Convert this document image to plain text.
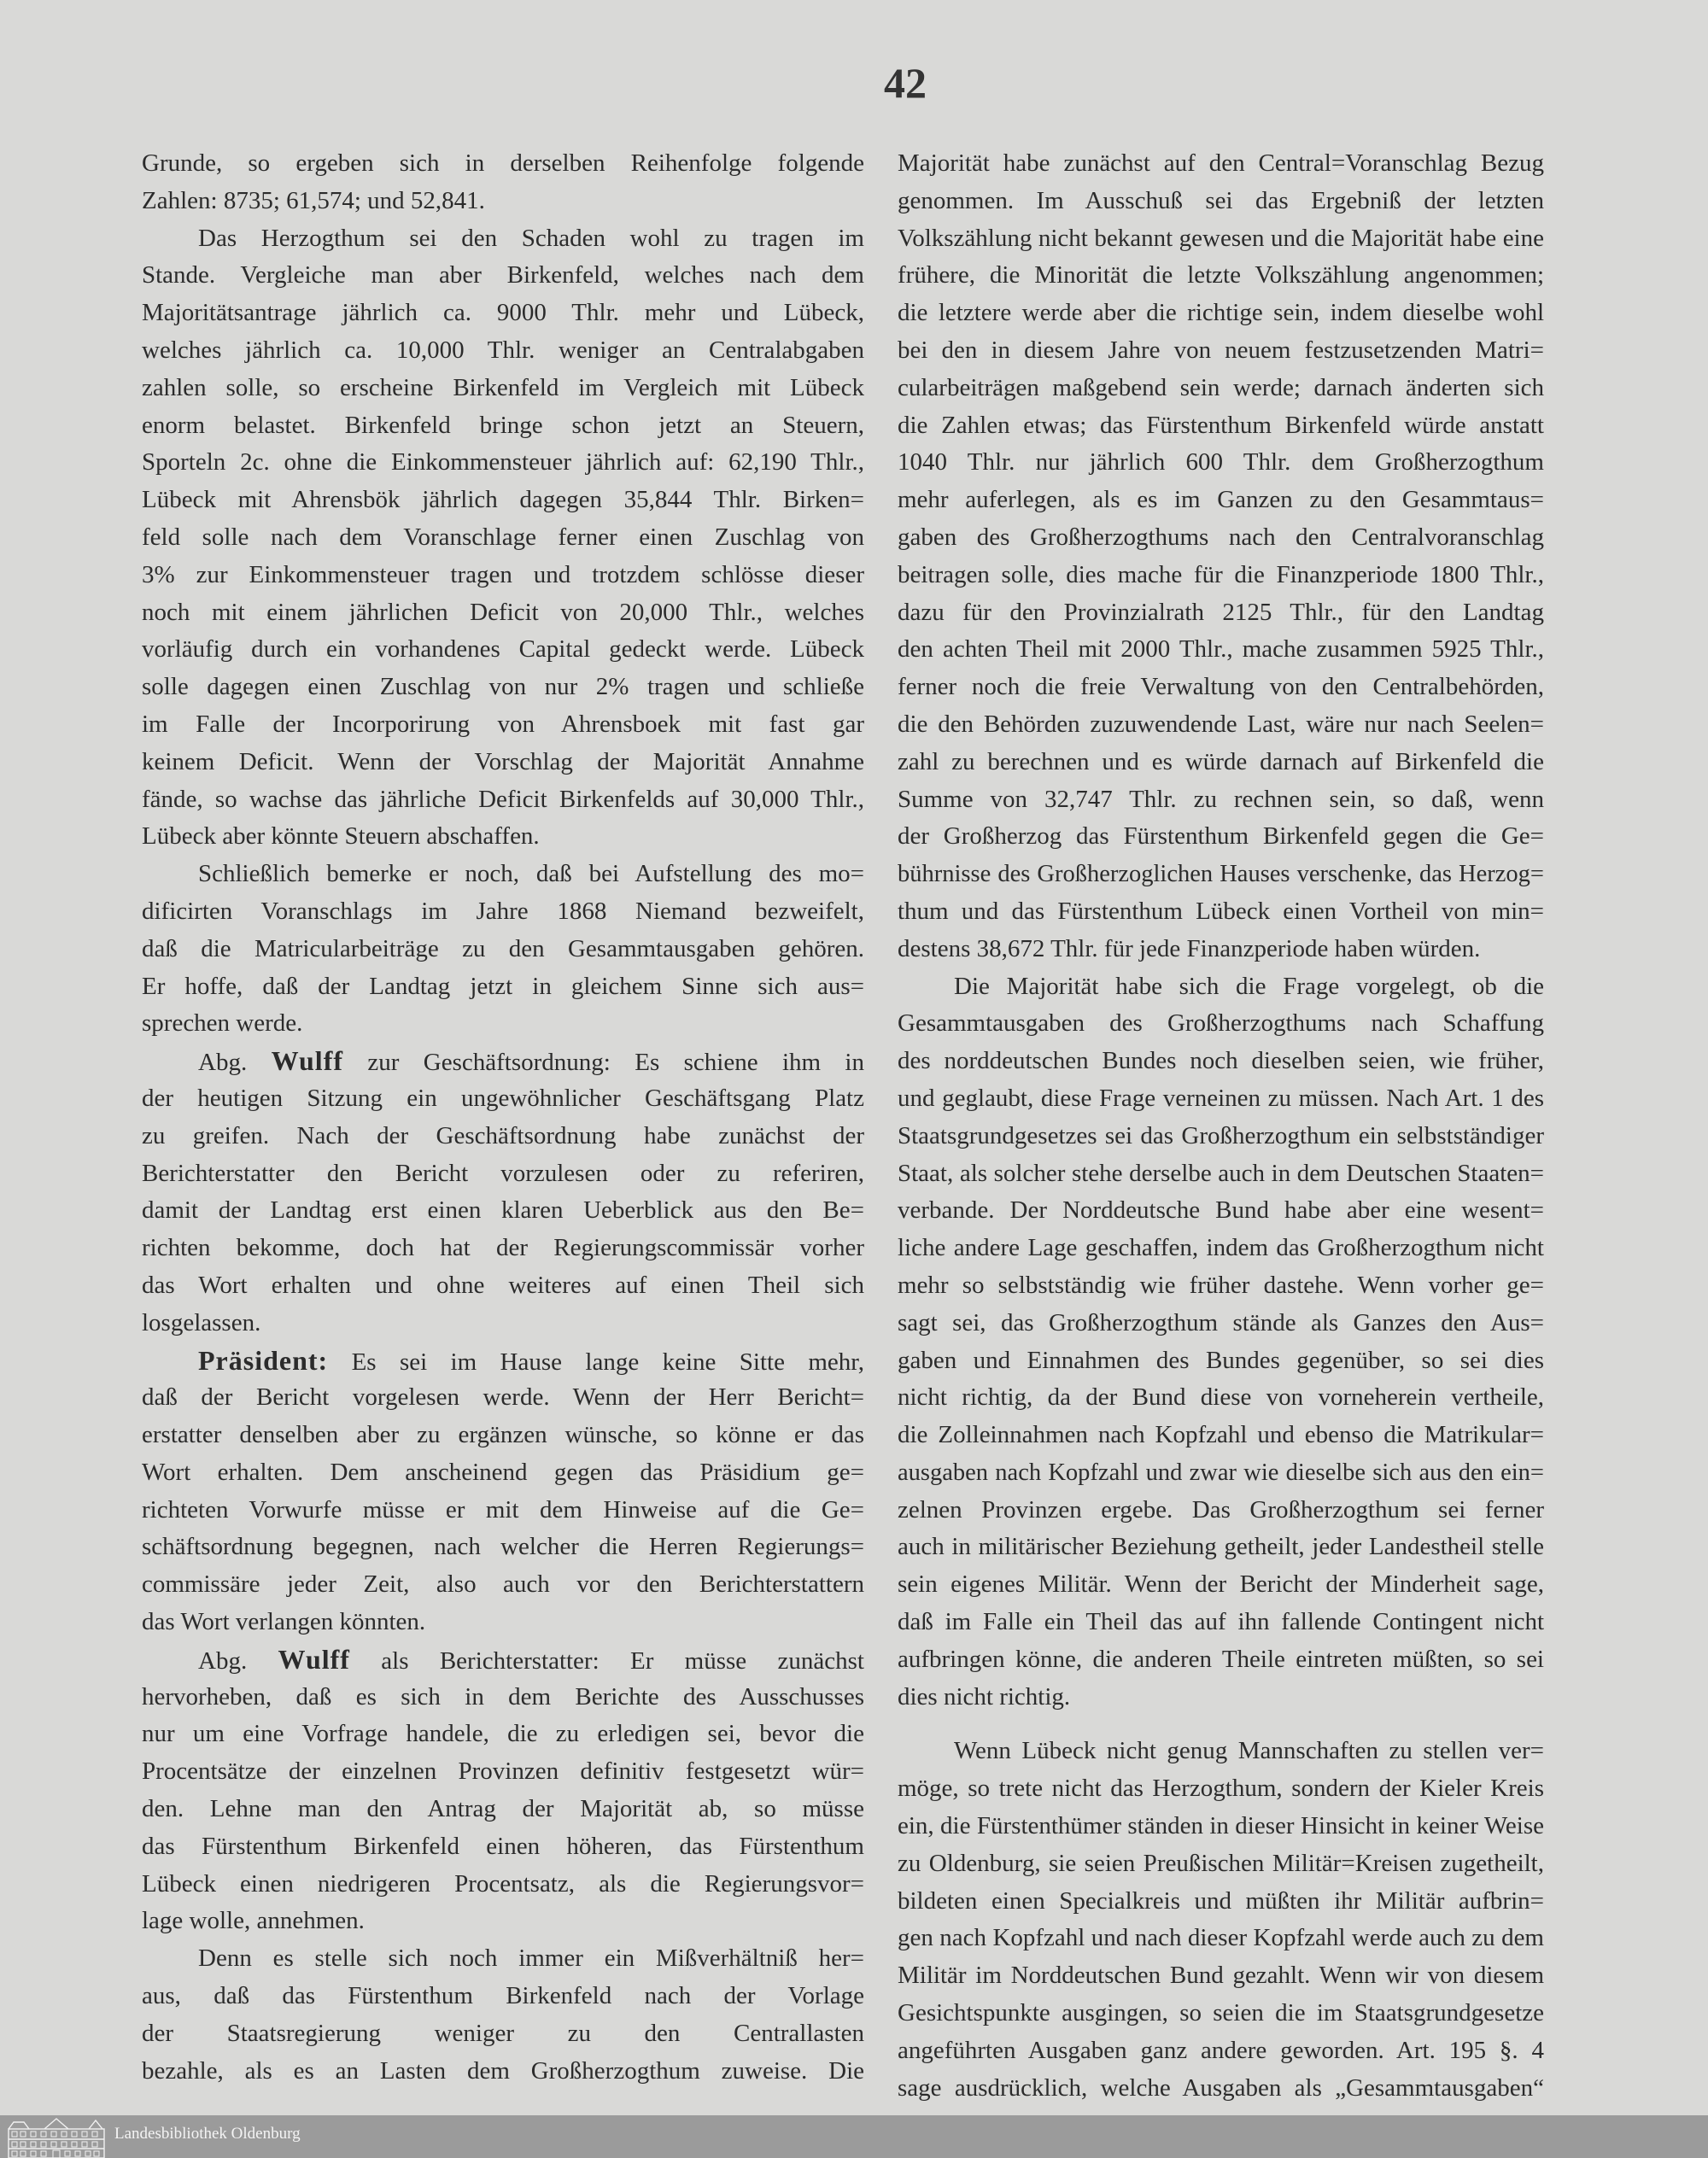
42
Grunde, so ergeben sich in derselben Reihenfolge folgende
Zahlen: 8735; 61,574; und 52,841.
Das Herzogthum sei den Schaden wohl zu tragen im
Stande. Vergleiche man aber Birkenfeld, welches nach dem
Majoritätsantrage jährlich ca. 9000 Thlr. mehr und Lübeck,
welches jährlich ca. 10,000 Thlr. weniger an Centralabgaben
zahlen solle, so erscheine Birkenfeld im Vergleich mit Lübeck
enorm belastet. Birkenfeld bringe schon jetzt an Steuern,
Sporteln 2c. ohne die Einkommensteuer jährlich auf: 62,190 Thlr.,
Lübeck mit Ahrensbök jährlich dagegen 35,844 Thlr. Birken=
feld solle nach dem Voranschlage ferner einen Zuschlag von
3% zur Einkommensteuer tragen und trotzdem schlösse dieser
noch mit einem jährlichen Deficit von 20,000 Thlr., welches
vorläufig durch ein vorhandenes Capital gedeckt werde. Lübeck
solle dagegen einen Zuschlag von nur 2% tragen und schließe
im Falle der Incorporirung von Ahrensboek mit fast gar
keinem Deficit. Wenn der Vorschlag der Majorität Annahme
fände, so wachse das jährliche Deficit Birkenfelds auf 30,000 Thlr.,
Lübeck aber könnte Steuern abschaffen.
Schließlich bemerke er noch, daß bei Aufstellung des mo=
dificirten Voranschlags im Jahre 1868 Niemand bezweifelt,
daß die Matricularbeiträge zu den Gesammtausgaben gehören.
Er hoffe, daß der Landtag jetzt in gleichem Sinne sich aus=
sprechen werde.
Abg. Wulff zur Geschäftsordnung: Es schiene ihm in
der heutigen Sitzung ein ungewöhnlicher Geschäftsgang Platz
zu greifen. Nach der Geschäftsordnung habe zunächst der
Berichterstatter den Bericht vorzulesen oder zu referiren,
damit der Landtag erst einen klaren Ueberblick aus den Be=
richten bekomme, doch hat der Regierungscommissär vorher
das Wort erhalten und ohne weiteres auf einen Theil sich
losgelassen.
Präsident: Es sei im Hause lange keine Sitte mehr,
daß der Bericht vorgelesen werde. Wenn der Herr Bericht=
erstatter denselben aber zu ergänzen wünsche, so könne er das
Wort erhalten. Dem anscheinend gegen das Präsidium ge=
richteten Vorwurfe müsse er mit dem Hinweise auf die Ge=
schäftsordnung begegnen, nach welcher die Herren Regierungs=
commissäre jeder Zeit, also auch vor den Berichterstattern
das Wort verlangen könnten.
Abg. Wulff als Berichterstatter: Er müsse zunächst
hervorheben, daß es sich in dem Berichte des Ausschusses
nur um eine Vorfrage handele, die zu erledigen sei, bevor die
Procentsätze der einzelnen Provinzen definitiv festgesetzt wür=
den. Lehne man den Antrag der Majorität ab, so müsse
das Fürstenthum Birkenfeld einen höheren, das Fürstenthum
Lübeck einen niedrigeren Procentsatz, als die Regierungsvor=
lage wolle, annehmen.
Denn es stelle sich noch immer ein Mißverhältniß her=
aus, daß das Fürstenthum Birkenfeld nach der Vorlage
der Staatsregierung weniger zu den Centrallasten
bezahle, als es an Lasten dem Großherzogthum zuweise. Die
Majorität habe zunächst auf den Central=Voranschlag Bezug
genommen. Im Ausschuß sei das Ergebniß der letzten
Volkszählung nicht bekannt gewesen und die Majorität habe eine
frühere, die Minorität die letzte Volkszählung angenommen;
die letztere werde aber die richtige sein, indem dieselbe wohl
bei den in diesem Jahre von neuem festzusetzenden Matri=
cularbeiträgen maßgebend sein werde; darnach änderten sich
die Zahlen etwas; das Fürstenthum Birkenfeld würde anstatt
1040 Thlr. nur jährlich 600 Thlr. dem Großherzogthum
mehr auferlegen, als es im Ganzen zu den Gesammtaus=
gaben des Großherzogthums nach den Centralvoranschlag
beitragen solle, dies mache für die Finanzperiode 1800 Thlr.,
dazu für den Provinzialrath 2125 Thlr., für den Landtag
den achten Theil mit 2000 Thlr., mache zusammen 5925 Thlr.,
ferner noch die freie Verwaltung von den Centralbehörden,
die den Behörden zuzuwendende Last, wäre nur nach Seelen=
zahl zu berechnen und es würde darnach auf Birkenfeld die
Summe von 32,747 Thlr. zu rechnen sein, so daß, wenn
der Großherzog das Fürstenthum Birkenfeld gegen die Ge=
bührnisse des Großherzoglichen Hauses verschenke, das Herzog=
thum und das Fürstenthum Lübeck einen Vortheil von min=
destens 38,672 Thlr. für jede Finanzperiode haben würden.
Die Majorität habe sich die Frage vorgelegt, ob die
Gesammtausgaben des Großherzogthums nach Schaffung
des norddeutschen Bundes noch dieselben seien, wie früher,
und geglaubt, diese Frage verneinen zu müssen. Nach Art. 1 des
Staatsgrundgesetzes sei das Großherzogthum ein selbstständiger
Staat, als solcher stehe derselbe auch in dem Deutschen Staaten=
verbande. Der Norddeutsche Bund habe aber eine wesent=
liche andere Lage geschaffen, indem das Großherzogthum nicht
mehr so selbstständig wie früher dastehe. Wenn vorher ge=
sagt sei, das Großherzogthum stände als Ganzes den Aus=
gaben und Einnahmen des Bundes gegenüber, so sei dies
nicht richtig, da der Bund diese von vorneherein vertheile,
die Zolleinnahmen nach Kopfzahl und ebenso die Matrikular=
ausgaben nach Kopfzahl und zwar wie dieselbe sich aus den ein=
zelnen Provinzen ergebe. Das Großherzogthum sei ferner
auch in militärischer Beziehung getheilt, jeder Landestheil stelle
sein eigenes Militär. Wenn der Bericht der Minderheit sage,
daß im Falle ein Theil das auf ihn fallende Contingent nicht
aufbringen könne, die anderen Theile eintreten müßten, so sei
dies nicht richtig.
Wenn Lübeck nicht genug Mannschaften zu stellen ver=
möge, so trete nicht das Herzogthum, sondern der Kieler Kreis
ein, die Fürstenthümer ständen in dieser Hinsicht in keiner Weise
zu Oldenburg, sie seien Preußischen Militär=Kreisen zugetheilt,
bildeten einen Specialkreis und müßten ihr Militär aufbrin=
gen nach Kopfzahl und nach dieser Kopfzahl werde auch zu dem
Militär im Norddeutschen Bund gezahlt. Wenn wir von diesem
Gesichtspunkte ausgingen, so seien die im Staatsgrundgesetze
angeführten Ausgaben ganz andere geworden. Art. 195 §. 4
sage ausdrücklich, welche Ausgaben als „Gesammtausgaben“
Landesbibliothek Oldenburg
